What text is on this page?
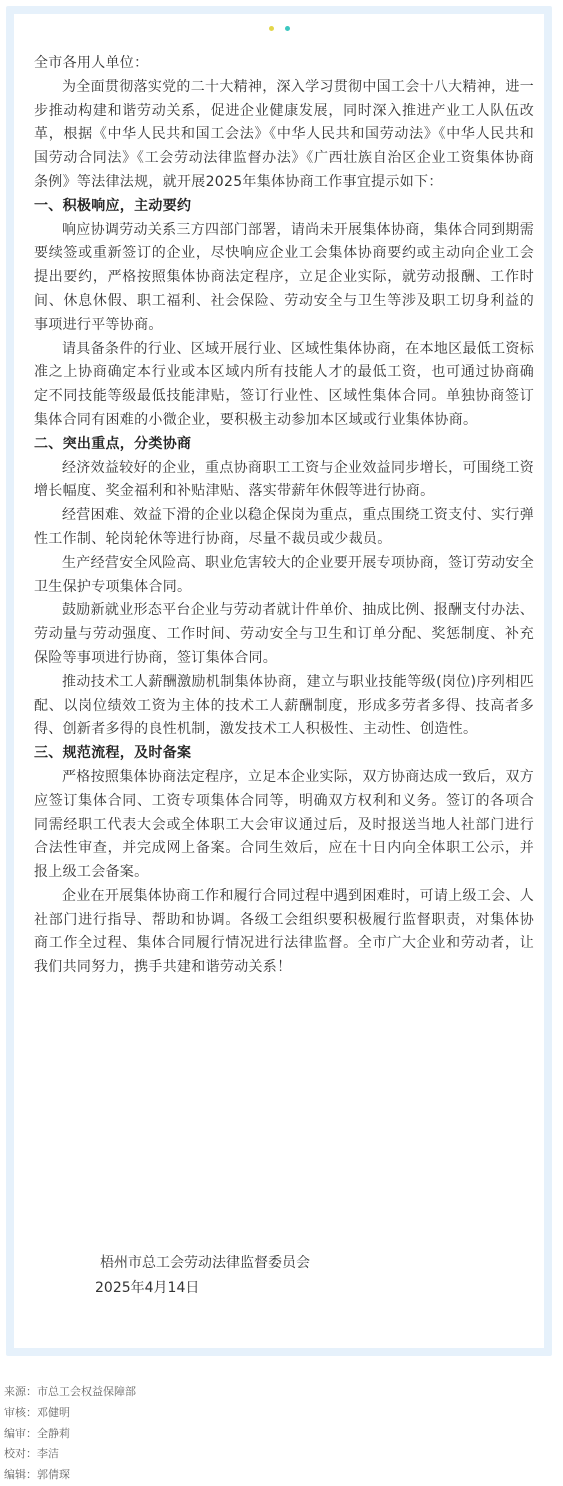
全市各用人单位：

为全面贯彻落实党的二十大精神，深入学习贯彻中国工会十八大精神，进一步推动构建和谐劳动关系，促进企业健康发展，同时深入推进产业工人队伍改革，根据《中华人民共和国工会法》《中华人民共和国劳动法》《中华人民共和国劳动合同法》《工会劳动法律监督办法》《广西壮族自治区企业工资集体协商条例》等法律法规，就开展2025年集体协商工作事宜提示如下：

一、积极响应，主动要约

响应协调劳动关系三方四部门部署，请尚未开展集体协商，集体合同到期需要续签或重新签订的企业，尽快响应企业工会集体协商要约或主动向企业工会提出要约，严格按照集体协商法定程序，立足企业实际，就劳动报酬、工作时间、休息休假、职工福利、社会保险、劳动安全与卫生等涉及职工切身利益的事项进行平等协商。

请具备条件的行业、区域开展行业、区域性集体协商，在本地区最低工资标准之上协商确定本行业或本区域内所有技能人才的最低工资，也可通过协商确定不同技能等级最低技能津贴，签订行业性、区域性集体合同。单独协商签订集体合同有困难的小微企业，要积极主动参加本区域或行业集体协商。

二、突出重点，分类协商

经济效益较好的企业，重点协商职工工资与企业效益同步增长，可围绕工资增长幅度、奖金福利和补贴津贴、落实带薪年休假等进行协商。

经营困难、效益下滑的企业以稳企保岗为重点，重点围绕工资支付、实行弹性工作制、轮岗轮休等进行协商，尽量不裁员或少裁员。

生产经营安全风险高、职业危害较大的企业要开展专项协商，签订劳动安全卫生保护专项集体合同。

鼓励新就业形态平台企业与劳动者就计件单价、抽成比例、报酬支付办法、劳动量与劳动强度、工作时间、劳动安全与卫生和订单分配、奖惩制度、补充保险等事项进行协商，签订集体合同。

推动技术工人薪酬激励机制集体协商，建立与职业技能等级(岗位)序列相匹配、以岗位绩效工资为主体的技术工人薪酬制度，形成多劳者多得、技高者多得、创新者多得的良性机制，激发技术工人积极性、主动性、创造性。

三、规范流程，及时备案

严格按照集体协商法定程序，立足本企业实际，双方协商达成一致后，双方应签订集体合同、工资专项集体合同等，明确双方权利和义务。签订的各项合同需经职工代表大会或全体职工大会审议通过后，及时报送当地人社部门进行合法性审查，并完成网上备案。合同生效后，应在十日内向全体职工公示，并报上级工会备案。

企业在开展集体协商工作和履行合同过程中遇到困难时，可请上级工会、人社部门进行指导、帮助和协调。各级工会组织要积极履行监督职责，对集体协商工作全过程、集体合同履行情况进行法律监督。全市广大企业和劳动者，让我们共同努力，携手共建和谐劳动关系！

梧州市总工会劳动法律监督委员会
2025年4月14日
来源：市总工会权益保障部
审核：邓健明
编审：全静莉
校对：李洁
编辑：郭倩琛
